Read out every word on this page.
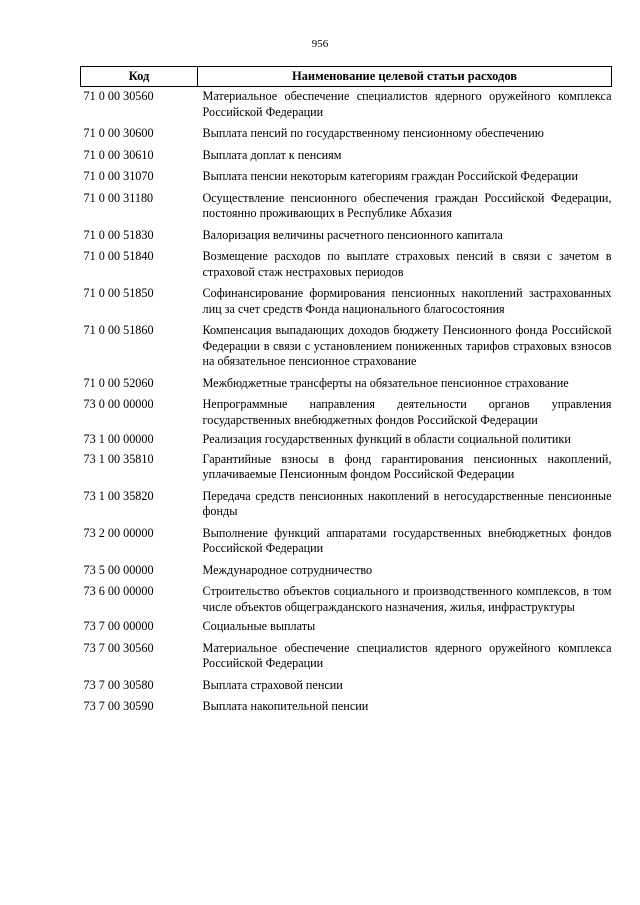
956
Код	Наименование целевой статьи расходов
71 0 00 30560	Материальное обеспечение специалистов ядерного оружейного комплекса Российской Федерации
71 0 00 30600	Выплата пенсий по государственному пенсионному обеспечению
71 0 00 30610	Выплата доплат к пенсиям
71 0 00 31070	Выплата пенсии некоторым категориям граждан Российской Федерации
71 0 00 31180	Осуществление пенсионного обеспечения граждан Российской Федерации, постоянно проживающих в Республике Абхазия
71 0 00 51830	Валоризация величины расчетного пенсионного капитала
71 0 00 51840	Возмещение расходов по выплате страховых пенсий в связи с зачетом в страховой стаж нестраховых периодов
71 0 00 51850	Софинансирование формирования пенсионных накоплений застрахованных лиц за счет средств Фонда национального благосостояния
71 0 00 51860	Компенсация выпадающих доходов бюджету Пенсионного фонда Российской Федерации в связи с установлением пониженных тарифов страховых взносов на обязательное пенсионное страхование
71 0 00 52060	Межбюджетные трансферты на обязательное пенсионное страхование
73 0 00 00000	Непрограммные направления деятельности органов управления государственных внебюджетных фондов Российской Федерации
73 1 00 00000	Реализация государственных функций в области социальной политики
73 1 00 35810	Гарантийные взносы в фонд гарантирования пенсионных накоплений, уплачиваемые Пенсионным фондом Российской Федерации
73 1 00 35820	Передача средств пенсионных накоплений в негосударственные пенсионные фонды
73 2 00 00000	Выполнение функций аппаратами государственных внебюджетных фондов Российской Федерации
73 5 00 00000	Международное сотрудничество
73 6 00 00000	Строительство объектов социального и производственного комплексов, в том числе объектов общегражданского назначения, жилья, инфраструктуры
73 7 00 00000	Социальные выплаты
73 7 00 30560	Материальное обеспечение специалистов ядерного оружейного комплекса Российской Федерации
73 7 00 30580	Выплата страховой пенсии
73 7 00 30590	Выплата накопительной пенсии
